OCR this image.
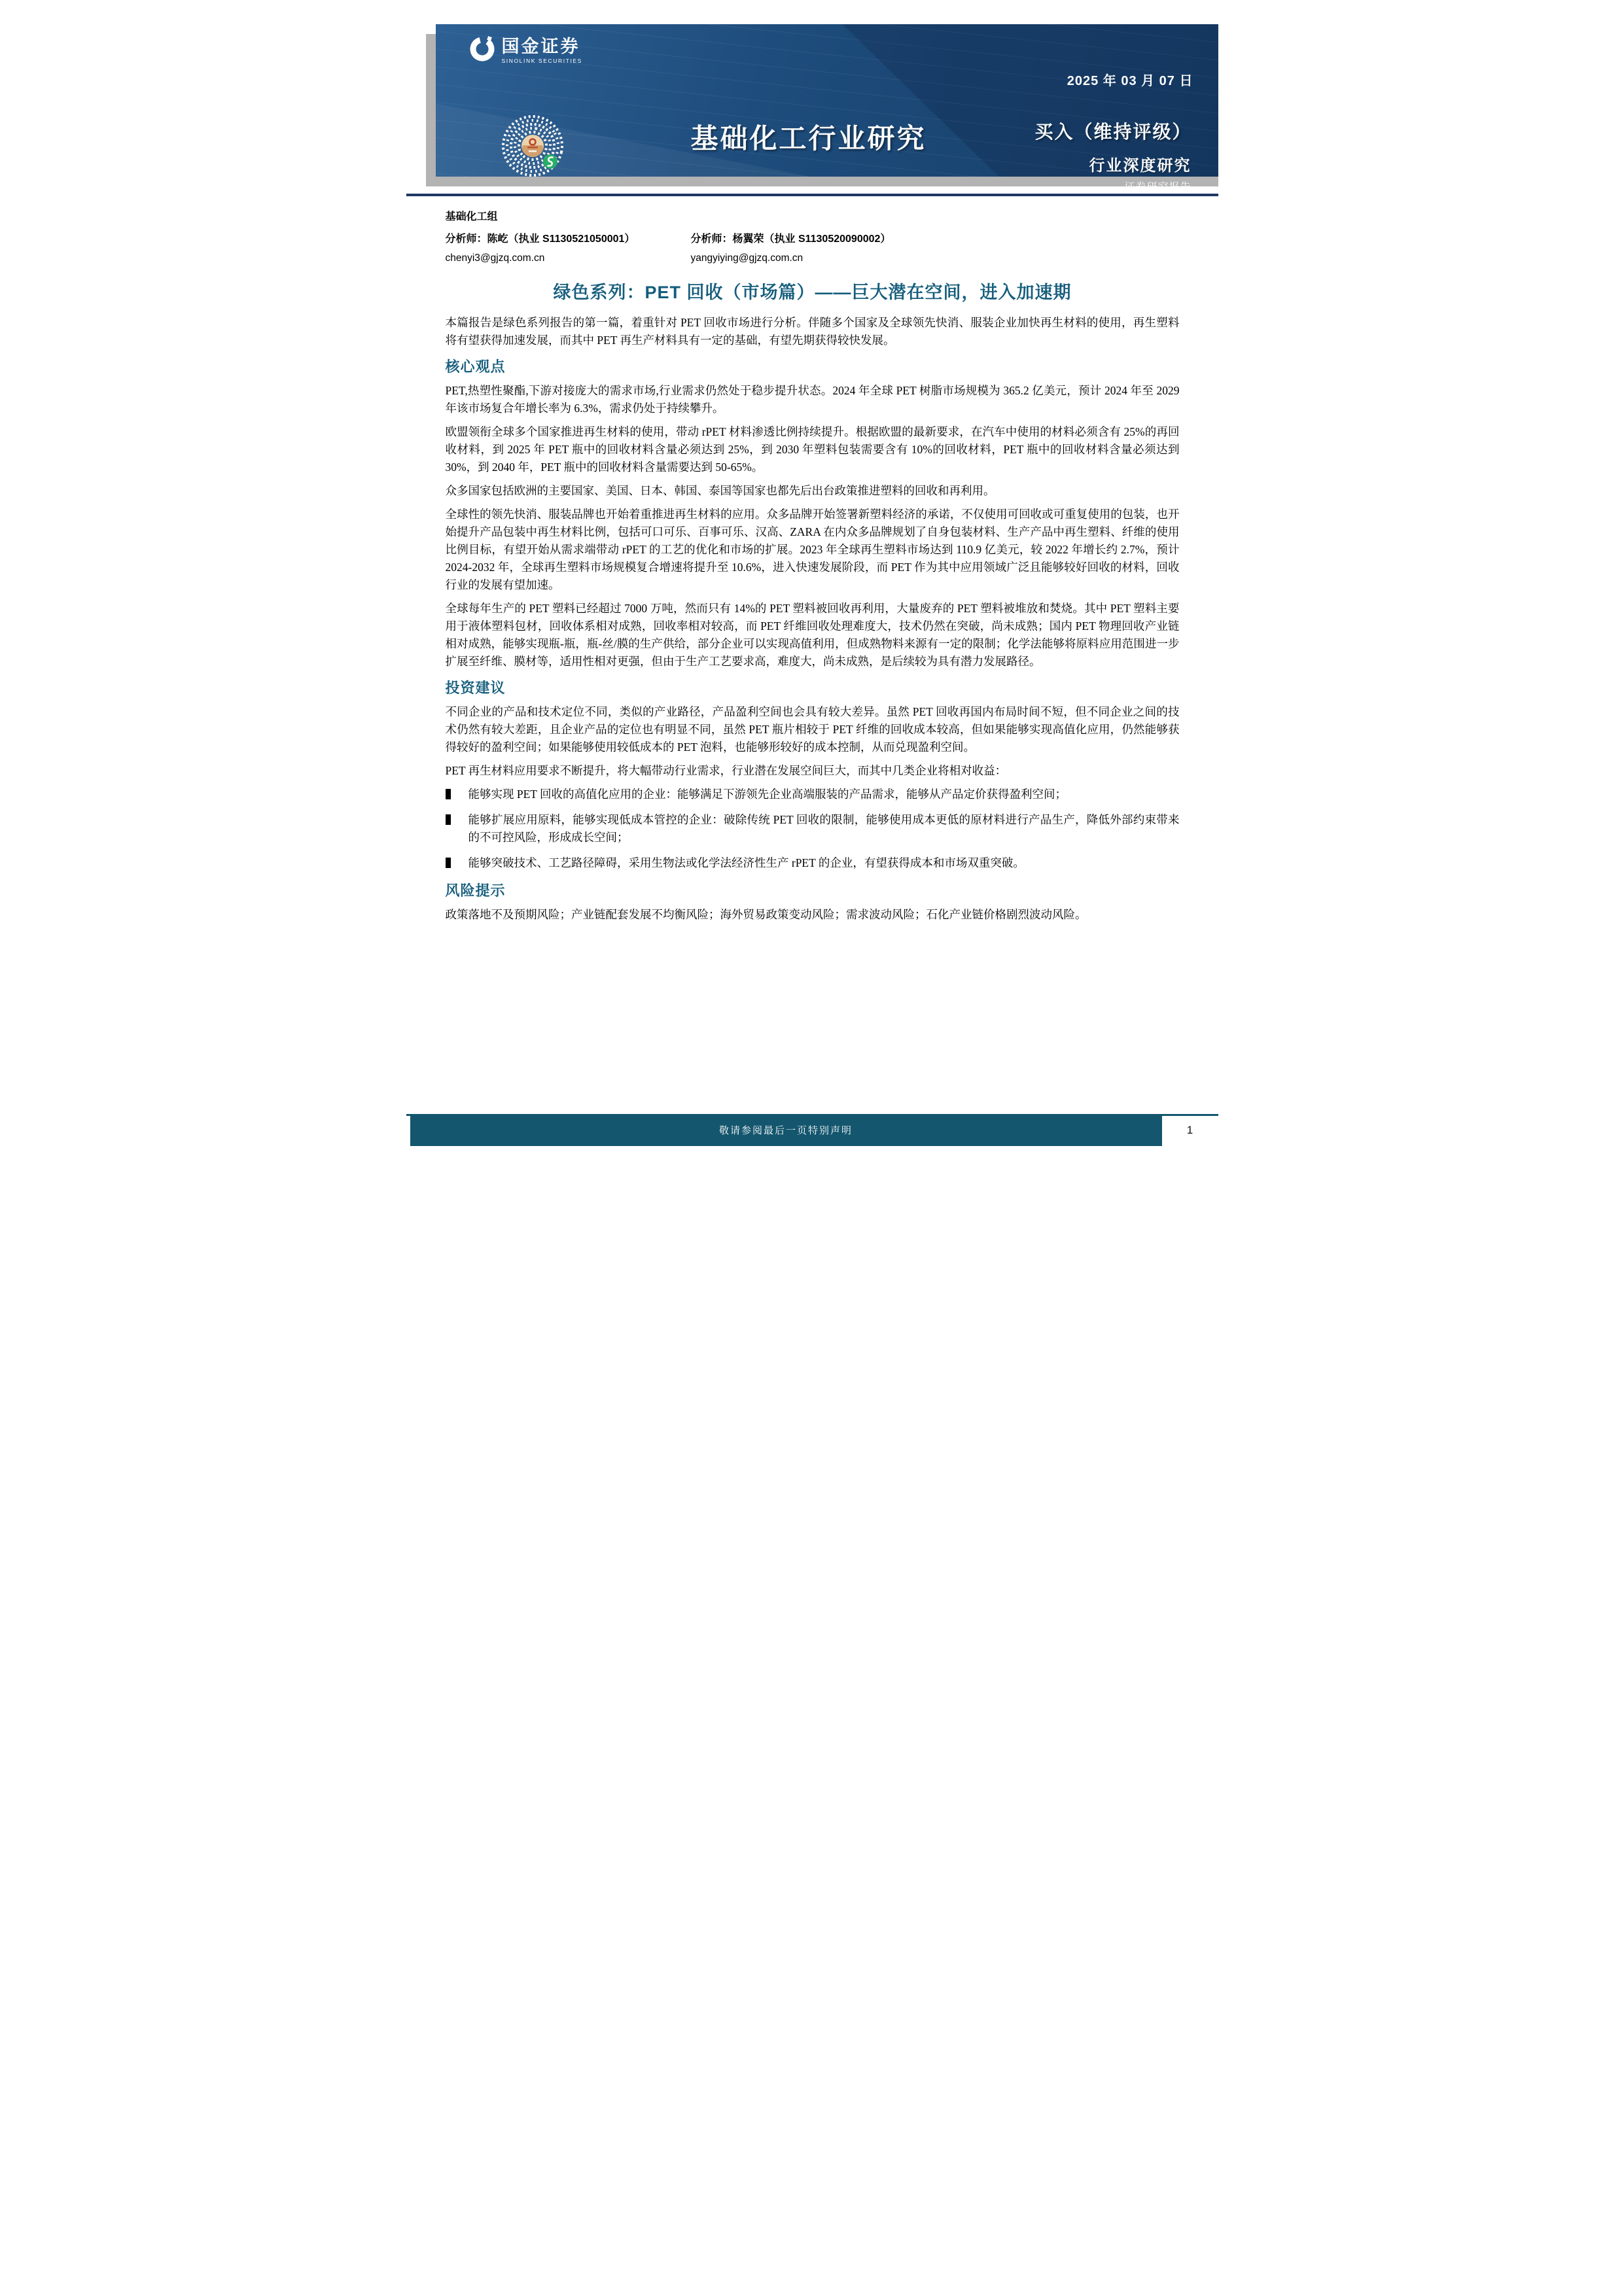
国金证券
SINOLINK SECURITIES
基础化工行业研究
2025 年 03 月 07 日
买入（维持评级）
行业深度研究
证券研究报告
基础化工组
分析师：陈屹（执业 S1130521050001）
chenyi3@gjzq.com.cn
分析师：杨翼荣（执业 S1130520090002）
yangyiying@gjzq.com.cn
绿色系列：PET 回收（市场篇）——巨大潜在空间，进入加速期

本篇报告是绿色系列报告的第一篇，着重针对 PET 回收市场进行分析。伴随多个国家及全球领先快消、服装企业加快再生材料的使用，再生塑料将有望获得加速发展，而其中 PET 再生产材料具有一定的基础，有望先期获得较快发展。

核心观点

PET,热塑性聚酯,下游对接庞大的需求市场,行业需求仍然处于稳步提升状态。2024 年全球 PET 树脂市场规模为 365.2 亿美元，预计 2024 年至 2029 年该市场复合年增长率为 6.3%，需求仍处于持续攀升。

欧盟领衔全球多个国家推进再生材料的使用，带动 rPET 材料渗透比例持续提升。根据欧盟的最新要求，在汽车中使用的材料必须含有 25%的再回收材料，到 2025 年 PET 瓶中的回收材料含量必须达到 25%，到 2030 年塑料包装需要含有 10%的回收材料，PET 瓶中的回收材料含量必须达到 30%，到 2040 年，PET 瓶中的回收材料含量需要达到 50-65%。

众多国家包括欧洲的主要国家、美国、日本、韩国、泰国等国家也都先后出台政策推进塑料的回收和再利用。

全球性的领先快消、服装品牌也开始着重推进再生材料的应用。众多品牌开始签署新塑料经济的承诺，不仅使用可回收或可重复使用的包装，也开始提升产品包装中再生材料比例，包括可口可乐、百事可乐、汉高、ZARA 在内众多品牌规划了自身包装材料、生产产品中再生塑料、纤维的使用比例目标，有望开始从需求端带动 rPET 的工艺的优化和市场的扩展。2023 年全球再生塑料市场达到 110.9 亿美元，较 2022 年增长约 2.7%，预计 2024-2032 年，全球再生塑料市场规模复合增速将提升至 10.6%，进入快速发展阶段，而 PET 作为其中应用领域广泛且能够较好回收的材料，回收行业的发展有望加速。

全球每年生产的 PET 塑料已经超过 7000 万吨，然而只有 14%的 PET 塑料被回收再利用，大量废弃的 PET 塑料被堆放和焚烧。其中 PET 塑料主要用于液体塑料包材，回收体系相对成熟，回收率相对较高，而 PET 纤维回收处理难度大，技术仍然在突破，尚未成熟；国内 PET 物理回收产业链相对成熟，能够实现瓶-瓶，瓶-丝/膜的生产供给，部分企业可以实现高值利用，但成熟物料来源有一定的限制；化学法能够将原料应用范围进一步扩展至纤维、膜材等，适用性相对更强，但由于生产工艺要求高，难度大，尚未成熟，是后续较为具有潜力发展路径。

投资建议

不同企业的产品和技术定位不同，类似的产业路径，产品盈利空间也会具有较大差异。虽然 PET 回收再国内布局时间不短，但不同企业之间的技术仍然有较大差距，且企业产品的定位也有明显不同，虽然 PET 瓶片相较于 PET 纤维的回收成本较高，但如果能够实现高值化应用，仍然能够获得较好的盈利空间；如果能够使用较低成本的 PET 泡料，也能够形较好的成本控制，从而兑现盈利空间。

PET 再生材料应用要求不断提升，将大幅带动行业需求，行业潜在发展空间巨大，而其中几类企业将相对收益：

能够实现 PET 回收的高值化应用的企业：能够满足下游领先企业高端服装的产品需求，能够从产品定价获得盈利空间；

能够扩展应用原料，能够实现低成本管控的企业：破除传统 PET 回收的限制，能够使用成本更低的原材料进行产品生产，降低外部约束带来的不可控风险，形成成长空间；

能够突破技术、工艺路径障碍，采用生物法或化学法经济性生产 rPET 的企业，有望获得成本和市场双重突破。

风险提示

政策落地不及预期风险；产业链配套发展不均衡风险；海外贸易政策变动风险；需求波动风险；石化产业链价格剧烈波动风险。

敬请参阅最后一页特别声明	1
